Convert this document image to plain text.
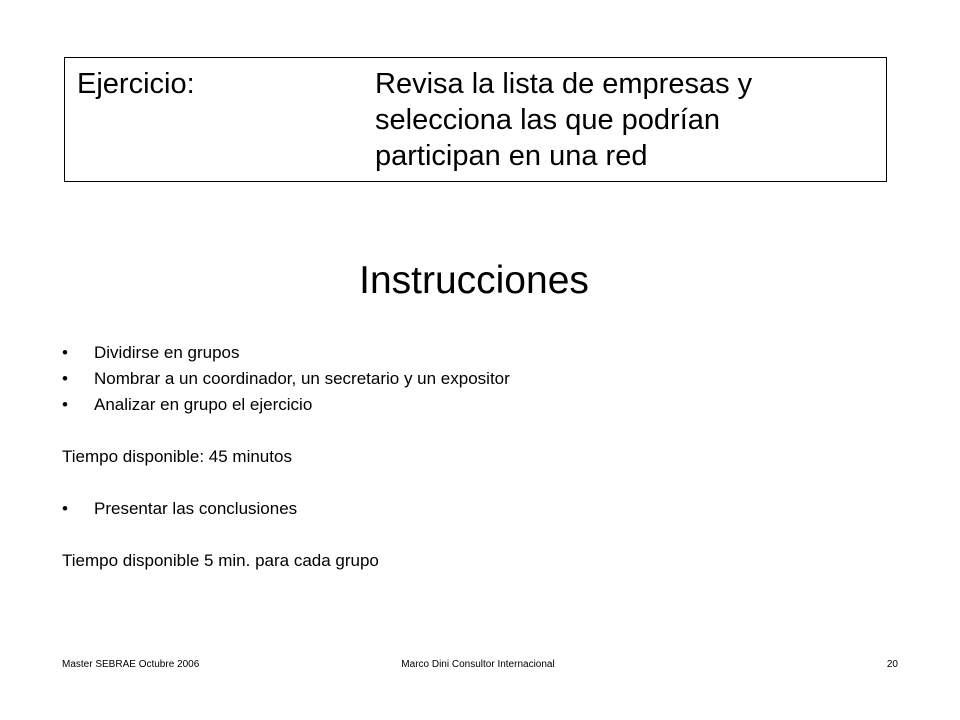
Ejercicio:	Revisa la lista de empresas y
selecciona las que podrían
participan en una red
Instrucciones
•	Dividirse en grupos
•	Nombrar a un coordinador, un secretario y un expositor
•	Analizar en grupo el ejercicio
Tiempo disponible: 45 minutos
•	Presentar las conclusiones
Tiempo disponible 5 min. para cada grupo
Master SEBRAE Octubre 2006	Marco Dini Consultor Internacional	20
